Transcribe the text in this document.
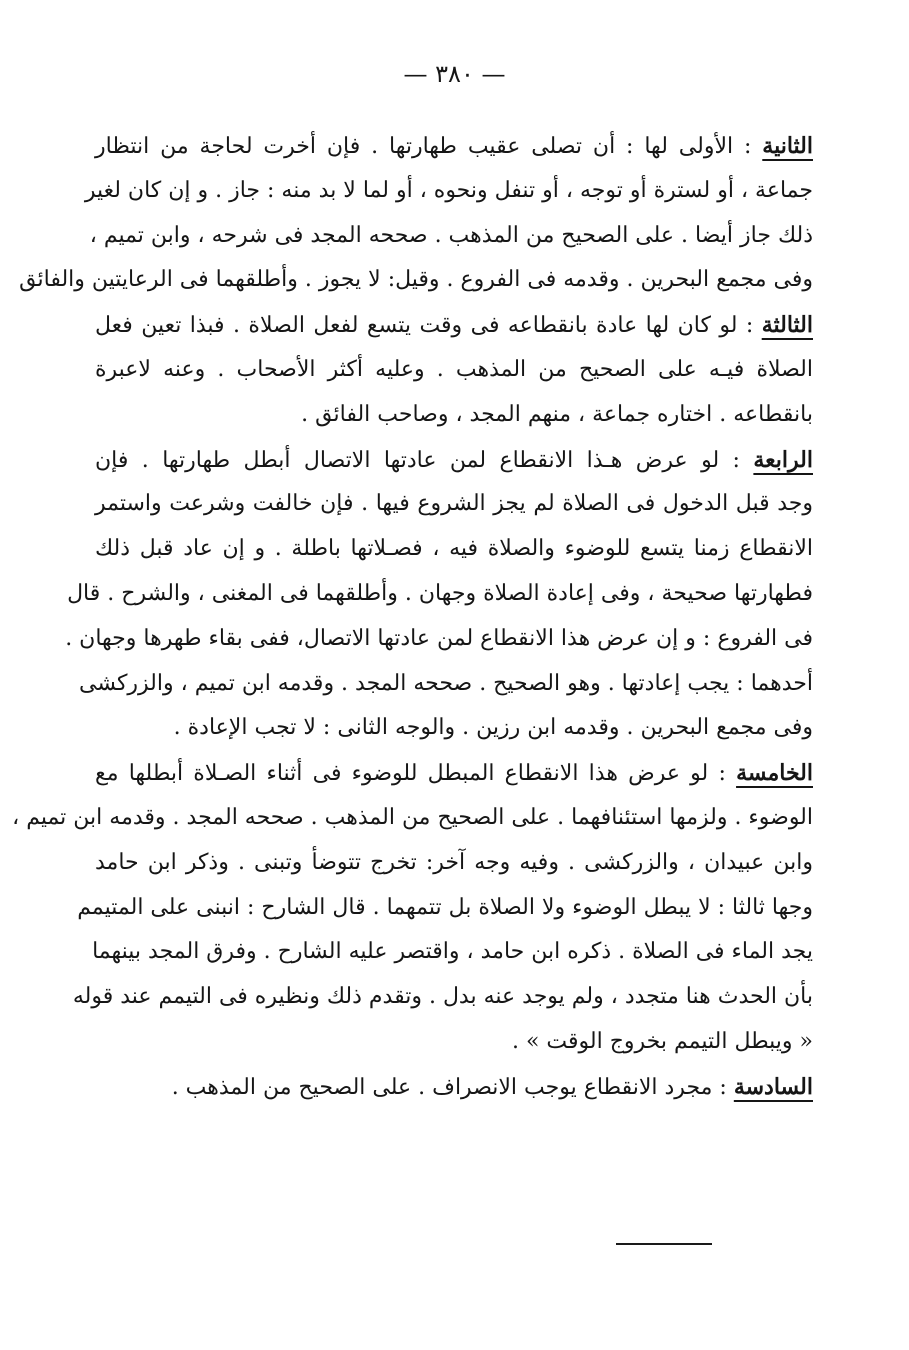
— ٣٨٠ —
الثانية : الأولى لها : أن تصلى عقيب طهارتها . فإن أخرت لحاجة من انتظار
جماعة ، أو لسترة أو توجه ، أو تنفل ونحوه ، أو لما لا بد منه : جاز . و إن كان لغير
ذلك جاز أيضا . على الصحيح من المذهب . صححه المجد فى شرحه ، وابن تميم ،
وفى مجمع البحرين . وقدمه فى الفروع . وقيل: لا يجوز . وأطلقهما فى الرعايتين والفائق
الثالثة : لو كان لها عادة بانقطاعه فى وقت يتسع لفعل الصلاة . فبذا تعين فعل
الصلاة فيـه على الصحيح من المذهب . وعليه أكثر الأصحاب . وعنه لاعبرة
بانقطاعه . اختاره جماعة ، منهم المجد ، وصاحب الفائق .
الرابعة : لو عرض هـذا الانقطاع لمن عادتها الاتصال أبطل طهارتها . فإن
وجد قبل الدخول فى الصلاة لم يجز الشروع فيها . فإن خالفت وشرعت واستمر
الانقطاع زمنا يتسع للوضوء والصلاة فيه ، فصـلاتها باطلة . و إن عاد قبل ذلك
فطهارتها صحيحة ، وفى إعادة الصلاة وجهان . وأطلقهما فى المغنى ، والشرح . قال
فى الفروع : و إن عرض هذا الانقطاع لمن عادتها الاتصال، ففى بقاء طهرها وجهان .
أحدهما : يجب إعادتها . وهو الصحيح . صححه المجد . وقدمه ابن تميم ، والزركشى
وفى مجمع البحرين . وقدمه ابن رزين . والوجه الثانى : لا تجب الإعادة .
الخامسة : لو عرض هذا الانقطاع المبطل للوضوء فى أثناء الصـلاة أبطلها مع
الوضوء . ولزمها استئنافهما . على الصحيح من المذهب . صححه المجد . وقدمه ابن تميم ،
وابن عبيدان ، والزركشى . وفيه وجه آخر: تخرج تتوضأ وتبنى . وذكر ابن حامد
وجها ثالثا : لا يبطل الوضوء ولا الصلاة بل تتمهما . قال الشارح : انبنى على المتيمم
يجد الماء فى الصلاة . ذكره ابن حامد ، واقتصر عليه الشارح . وفرق المجد بينهما
بأن الحدث هنا متجدد ، ولم يوجد عنه بدل . وتقدم ذلك ونظيره فى التيمم عند قوله
« ويبطل التيمم بخروج الوقت » .
السادسة : مجرد الانقطاع يوجب الانصراف . على الصحيح من المذهب .
